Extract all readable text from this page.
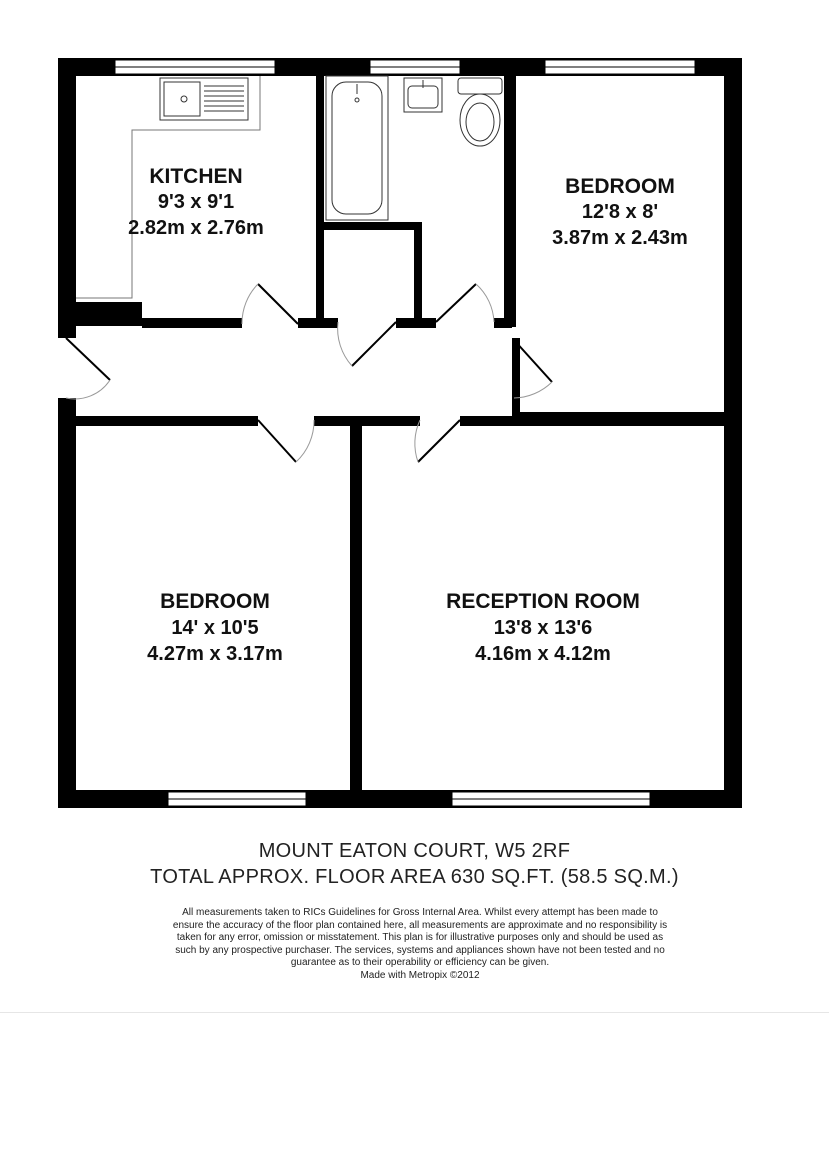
KITCHEN
9'3 x 9'1
2.82m x 2.76m
BEDROOM
12'8 x 8'
3.87m x 2.43m
BEDROOM
14' x 10'5
4.27m x 3.17m
RECEPTION ROOM
13'8 x 13'6
4.16m x 4.12m
MOUNT EATON COURT, W5 2RF
TOTAL APPROX. FLOOR AREA 630 SQ.FT. (58.5 SQ.M.)
All measurements taken to RICs Guidelines for Gross Internal Area. Whilst every attempt has been made to ensure the accuracy of the floor plan contained here, all measurements are approximate and no responsibility is taken for any error, omission or misstatement. This plan is for illustrative purposes only and should be used as such by any prospective purchaser. The services, systems and appliances shown have not been tested and no guarantee as to their operability or efficiency can be given.
Made with Metropix ©2012
